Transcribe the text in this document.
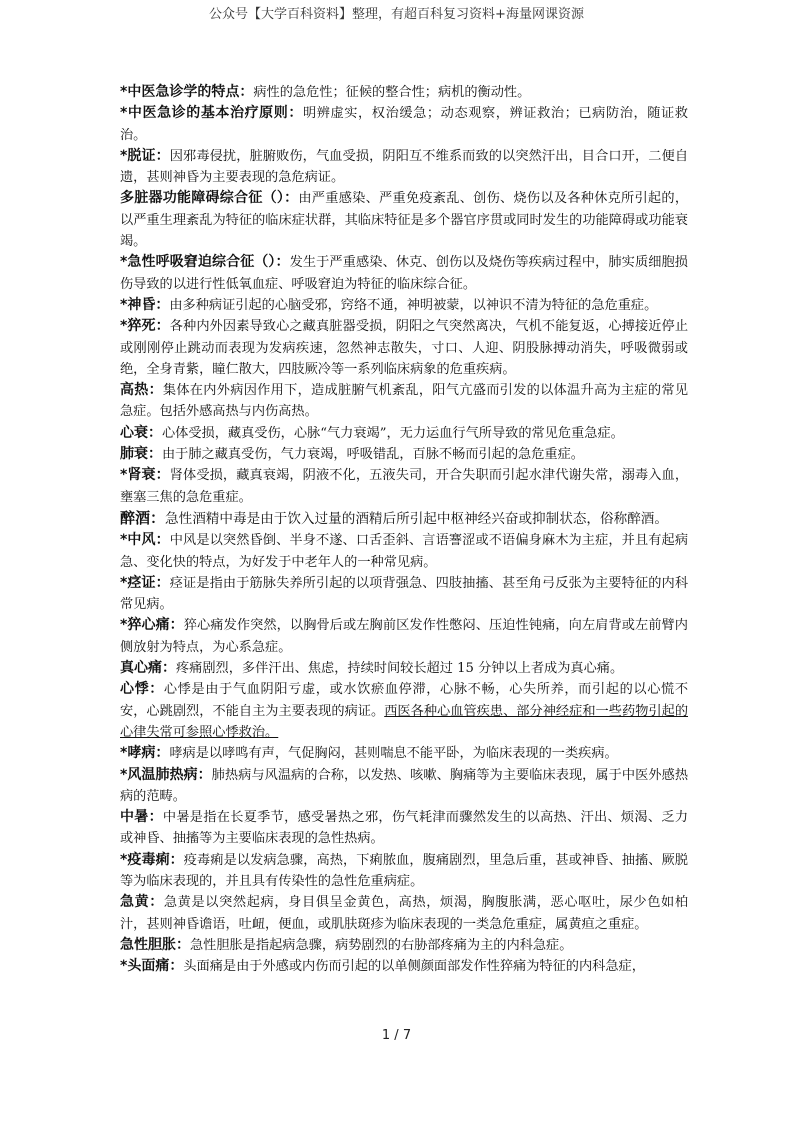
公众号【大学百科资料】整理，有超百科复习资料+海量网课资源

*中医急诊学的特点：病性的急危性；征候的整合性；病机的衡动性。

*中医急诊的基本治疗原则：明辨虚实，权治缓急；动态观察，辨证救治；已病防治，随证救治。

*脱证：因邪毒侵扰，脏腑败伤，气血受损，阴阳互不维系而致的以突然汗出，目合口开，二便自遗，甚则神昏为主要表现的急危病证。

多脏器功能障碍综合征（）：由严重感染、严重免疫紊乱、创伤、烧伤以及各种休克所引起的，以严重生理紊乱为特征的临床症状群，其临床特征是多个器官序贯或同时发生的功能障碍或功能衰竭。

*急性呼吸窘迫综合征（）：发生于严重感染、休克、创伤以及烧伤等疾病过程中，肺实质细胞损伤导致的以进行性低氧血症、呼吸窘迫为特征的临床综合征。

*神昏：由多种病证引起的心脑受邪，窍络不通，神明被蒙，以神识不清为特征的急危重症。

*猝死：各种内外因素导致心之藏真脏器受损，阴阳之气突然离决，气机不能复返，心搏接近停止或刚刚停止跳动而表现为发病疾速，忽然神志散失，寸口、人迎、阴股脉搏动消失，呼吸微弱或绝，全身青紫，瞳仁散大，四肢厥冷等一系列临床病象的危重疾病。

高热：集体在内外病因作用下，造成脏腑气机紊乱，阳气亢盛而引发的以体温升高为主症的常见急症。包括外感高热与内伤高热。

心衰：心体受损，藏真受伤，心脉“气力衰竭”，无力运血行气所导致的常见危重急症。

肺衰：由于肺之藏真受伤，气力衰竭，呼吸错乱，百脉不畅而引起的急危重症。

*肾衰：肾体受损，藏真衰竭，阴液不化，五液失司，开合失职而引起水津代谢失常，溺毒入血，壅塞三焦的急危重症。

醉酒：急性酒精中毒是由于饮入过量的酒精后所引起中枢神经兴奋或抑制状态，俗称醉酒。

*中风：中风是以突然昏倒、半身不遂、口舌歪斜、言语謇涩或不语偏身麻木为主症，并且有起病急、变化快的特点，为好发于中老年人的一种常见病。

*痉证：痉证是指由于筋脉失养所引起的以项背强急、四肢抽搐、甚至角弓反张为主要特征的内科常见病。

*猝心痛：猝心痛发作突然，以胸骨后或左胸前区发作性憋闷、压迫性钝痛，向左肩背或左前臂内侧放射为特点，为心系急症。

真心痛：疼痛剧烈，多伴汗出、焦虑，持续时间较长超过 15 分钟以上者成为真心痛。

心悸：心悸是由于气血阴阳亏虚，或水饮瘀血停滞，心脉不畅，心失所养，而引起的以心慌不安，心跳剧烈，不能自主为主要表现的病证。西医各种心血管疾患、部分神经症和一些药物引起的心律失常可参照心悸救治。

*哮病：哮病是以哮鸣有声，气促胸闷，甚则喘息不能平卧，为临床表现的一类疾病。

*风温肺热病：肺热病与风温病的合称，以发热、咳嗽、胸痛等为主要临床表现，属于中医外感热病的范畴。

中暑：中暑是指在长夏季节，感受暑热之邪，伤气耗津而骤然发生的以高热、汗出、烦渴、乏力或神昏、抽搐等为主要临床表现的急性热病。

*疫毒痢：疫毒痢是以发病急骤，高热，下痢脓血，腹痛剧烈，里急后重，甚或神昏、抽搐、厥脱等为临床表现的，并且具有传染性的急性危重病症。

急黄：急黄是以突然起病，身目俱呈金黄色，高热，烦渴，胸腹胀满，恶心呕吐，尿少色如柏汁，甚则神昏谵语，吐衄，便血，或肌肤斑疹为临床表现的一类急危重症，属黄疸之重症。

急性胆胀：急性胆胀是指起病急骤，病势剧烈的右胁部疼痛为主的内科急症。

*头面痛：头面痛是由于外感或内伤而引起的以单侧颜面部发作性猝痛为特征的内科急症，

1 / 7
